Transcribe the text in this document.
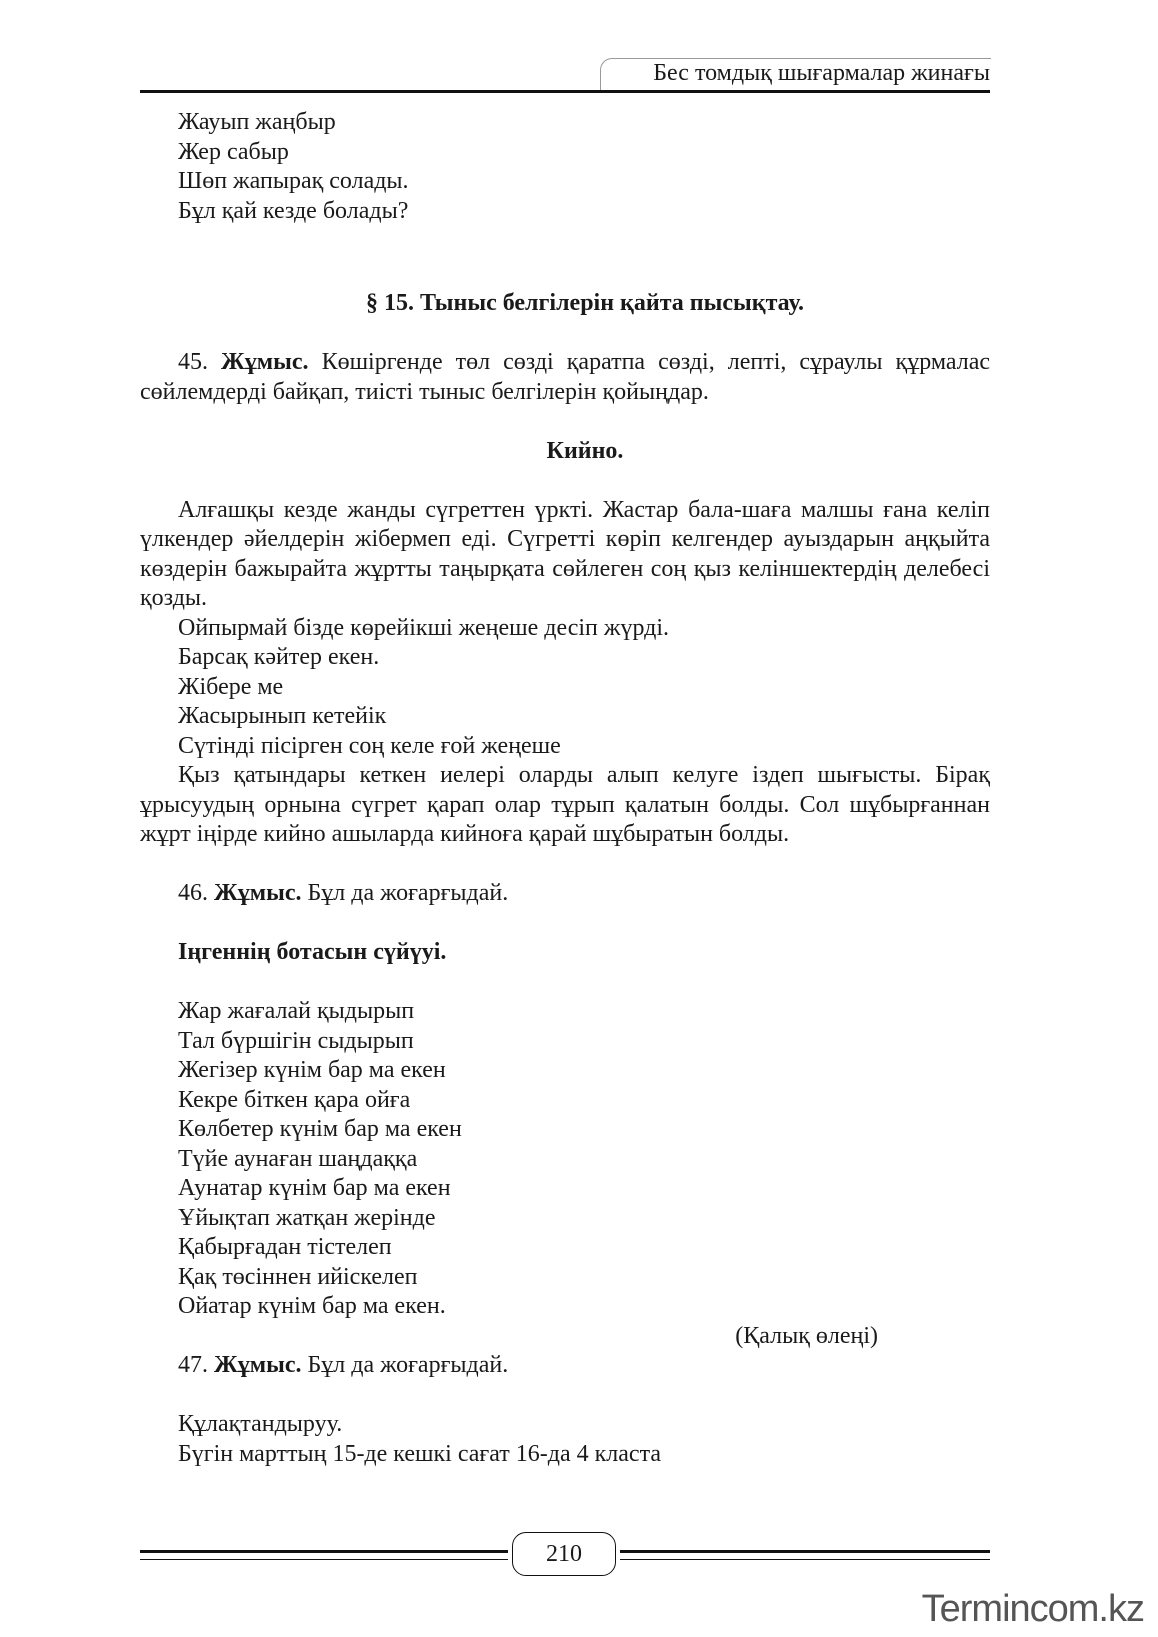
Бес томдық шығармалар жинағы
Жауып жаңбыр
Жер сабыр
Шөп жапырақ солады.
Бұл қай кезде болады?
§ 15. Тыныс белгілерін қайта пысықтау.
45. Жұмыс. Көшіргенде төл сөзді қаратпа сөзді, лепті, сұраулы құрмалас сөйлемдерді байқап, тиісті тыныс белгілерін қойыңдар.
Кийно.
Алғашқы кезде жанды сүгреттен үркті. Жастар бала-шаға малшы ғана келіп үлкендер әйелдерін жібермеп еді. Сүгретті көріп келгендер ауыздарын аңқыйта көздерін бажырайта жұртты таңырқата сөйлеген соң қыз келіншектердің делебесі қозды.
Ойпырмай бізде көрейікші жеңеше десіп жүрді.
Барсақ кәйтер екен.
Жібере ме
Жасырынып кетейік
Сүтінді пісірген соң келе ғой жеңеше
Қыз қатындары кеткен иелері оларды алып келуге іздеп шығысты. Бірақ ұрысуудың орнына сүгрет қарап олар тұрып қалатын болды. Сол шұбырғаннан жұрт іңірде кийно ашыларда кийноға қарай шұбыратын болды.
46. Жұмыс. Бұл да жоғарғыдай.
Іңгеннің ботасын сүйүуі.
Жар жағалай қыдырып
Тал бүршігін сыдырып
Жегізер күнім бар ма екен
Кекре біткен қара ойға
Көлбетер күнім бар ма екен
Түйе аунаған шаңдаққа
Аунатар күнім бар ма екен
Ұйықтап жатқан жерінде
Қабырғадан тістелеп
Қақ төсіннен ийіскелеп
Ойатар күнім бар ма екен.
(Қалық өлеңі)
47. Жұмыс. Бұл да жоғарғыдай.
Құлақтандыруу.
Бүгін марттың 15-де кешкі сағат 16-да 4 класта
210
Termincom.kz
